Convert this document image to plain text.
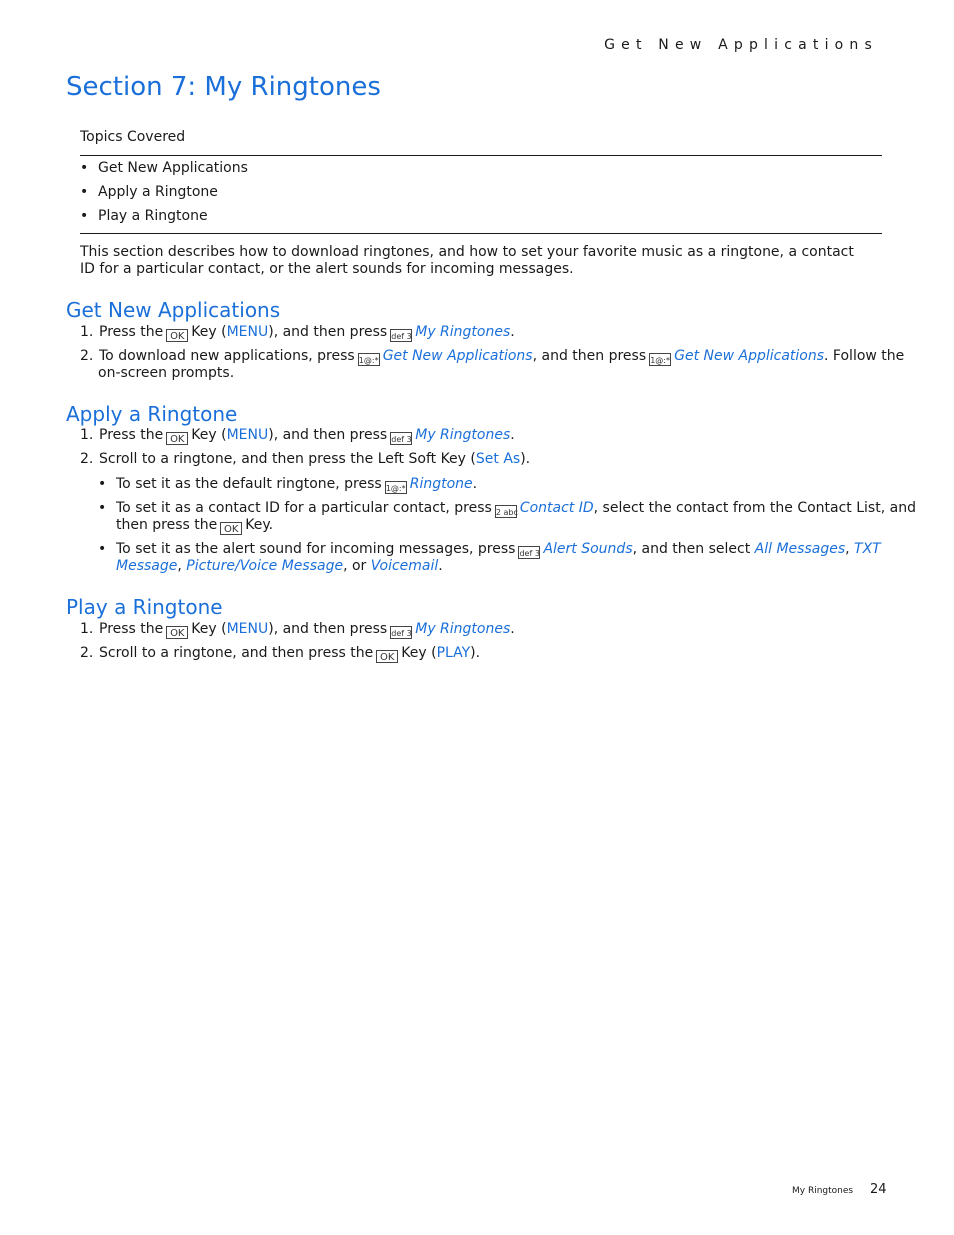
Get New Applications
Section 7: My Ringtones
Topics Covered
• Get New Applications
• Apply a Ringtone
• Play a Ringtone

This section describes how to download ringtones, and how to set your favorite music as a ringtone, a contact ID for a particular contact, or the alert sounds for incoming messages.

Get New Applications

1. Press the OK Key (MENU), and then press def 3 My Ringtones.

2. To download new applications, press 1@:* Get New Applications, and then press 1@:* Get New Applications. Follow the

on-screen prompts.

Apply a Ringtone

1. Press the OK Key (MENU), and then press def 3 My Ringtones.

2. Scroll to a ringtone, and then press the Left Soft Key (Set As).

• To set it as the default ringtone, press 1@:* Ringtone.

• To set it as a contact ID for a particular contact, press 2 abc Contact ID, select the contact from the Contact List, and

then press the OK Key.

• To set it as the alert sound for incoming messages, press def 3 Alert Sounds, and then select All Messages, TXT

Message, Picture/Voice Message, or Voicemail.

Play a Ringtone

1. Press the OK Key (MENU), and then press def 3 My Ringtones.

2. Scroll to a ringtone, and then press the OK Key (PLAY).

My Ringtones 24
